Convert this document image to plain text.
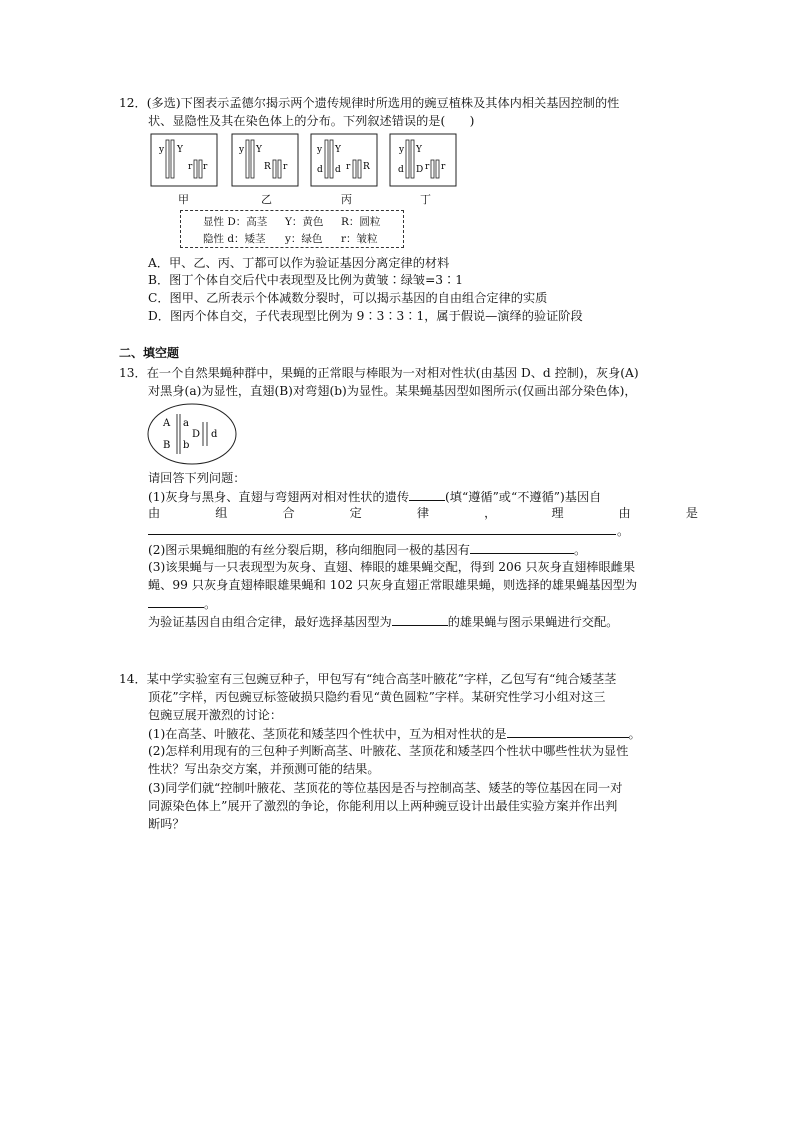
12．(多选)下图表示孟德尔揭示两个遗传规律时所选用的豌豆植株及其体内相关基因控制的性
状、显隐性及其在染色体上的分布。下列叙述错误的是(　　)
y Y
r r
y Y
R r
y Y
d d r R
y Y
d D r r
甲	乙	丙	丁
显性 D：高茎 Y：黄色 R：圆粒
隐性 d：矮茎 y：绿色 r：皱粒
A．甲、乙、丙、丁都可以作为验证基因分离定律的材料
B．图丁个体自交后代中表现型及比例为黄皱∶绿皱=3∶1
C．图甲、乙所表示个体减数分裂时，可以揭示基因的自由组合定律的实质
D．图丙个体自交，子代表现型比例为 9∶3∶3∶1，属于假说—演绎的验证阶段
二、填空题
13．在一个自然果蝇种群中，果蝇的正常眼与棒眼为一对相对性状(由基因 D、d 控制)，灰身(A)
对黑身(a)为显性，直翅(B)对弯翅(b)为显性。某果蝇基因型如图所示(仅画出部分染色体)，
A a
B b
D d
请回答下列问题：
(1)灰身与黑身、直翅与弯翅两对相对性状的遗传	(填“遵循”或“不遵循”)基因自
由	组	合	定	律	，	理	由	是
。
(2)图示果蝇细胞的有丝分裂后期，移向细胞同一极的基因有	。
(3)该果蝇与一只表现型为灰身、直翅、棒眼的雄果蝇交配，得到 206 只灰身直翅棒眼雌果
蝇、99 只灰身直翅棒眼雄果蝇和 102 只灰身直翅正常眼雄果蝇，则选择的雄果蝇基因型为
。
为验证基因自由组合定律，最好选择基因型为	的雄果蝇与图示果蝇进行交配。
14．某中学实验室有三包豌豆种子，甲包写有“纯合高茎叶腋花”字样，乙包写有“纯合矮茎茎
顶花”字样，丙包豌豆标签破损只隐约看见“黄色圆粒”字样。某研究性学习小组对这三
包豌豆展开激烈的讨论：
(1)在高茎、叶腋花、茎顶花和矮茎四个性状中，互为相对性状的是	。
(2)怎样利用现有的三包种子判断高茎、叶腋花、茎顶花和矮茎四个性状中哪些性状为显性
性状？写出杂交方案，并预测可能的结果。
(3)同学们就“控制叶腋花、茎顶花的等位基因是否与控制高茎、矮茎的等位基因在同一对
同源染色体上”展开了激烈的争论，你能利用以上两种豌豆设计出最佳实验方案并作出判
断吗？
